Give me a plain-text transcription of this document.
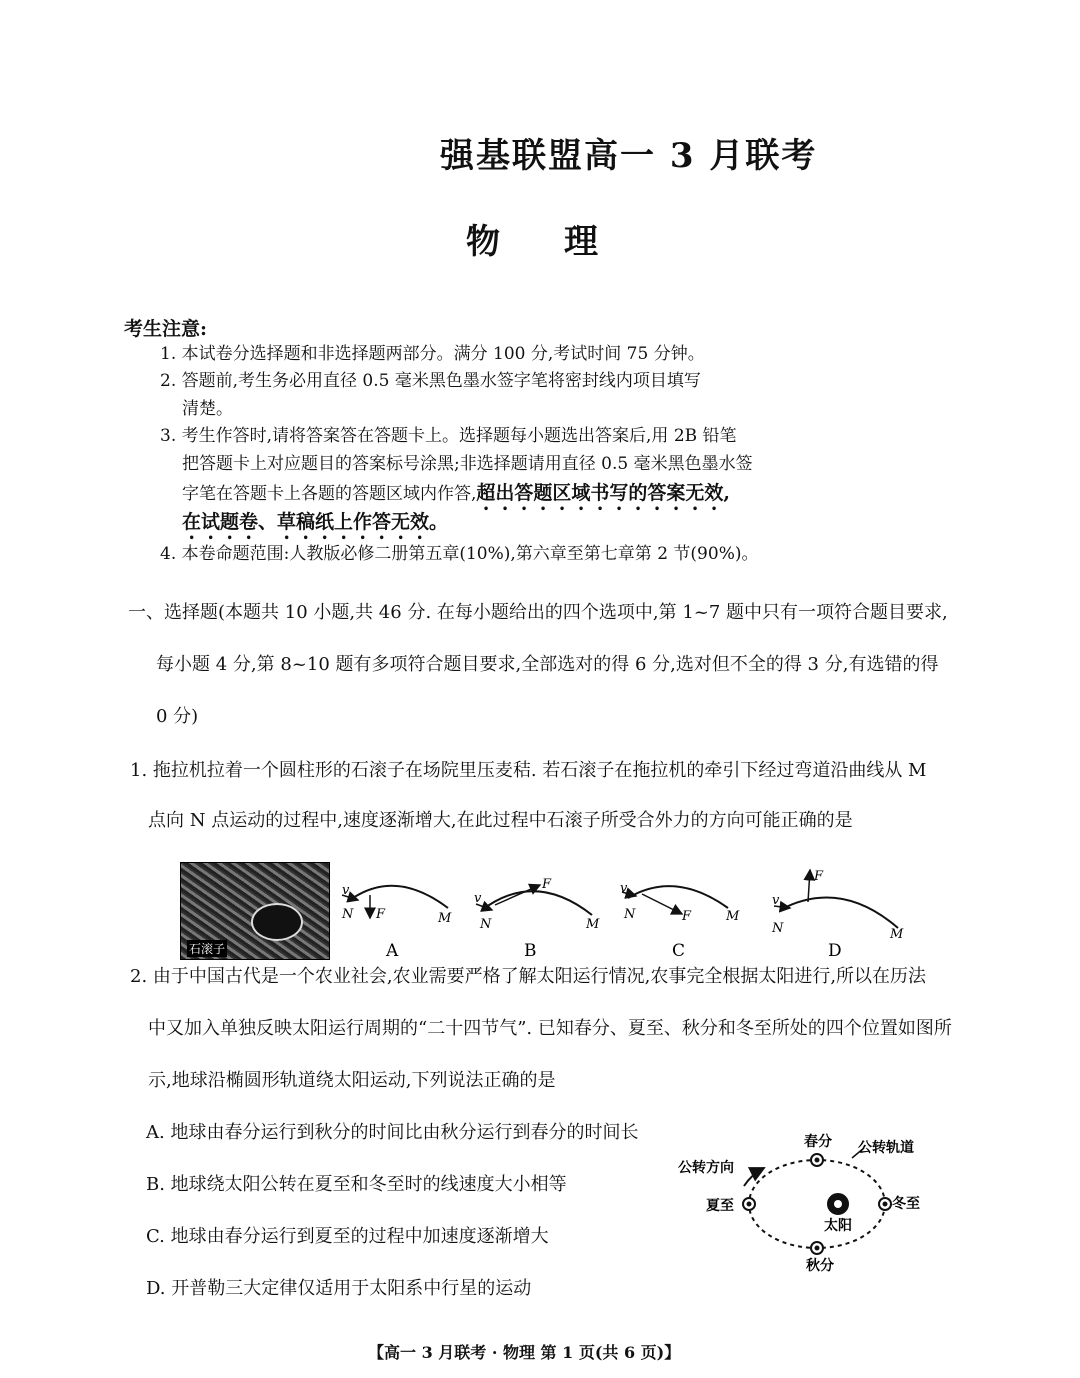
强基联盟高一 3 月联考
物 理
考生注意:
1. 本试卷分选择题和非选择题两部分。满分 100 分,考试时间 75 分钟。
2. 答题前,考生务必用直径 0.5 毫米黑色墨水签字笔将密封线内项目填写
清楚。
3. 考生作答时,请将答案答在答题卡上。选择题每小题选出答案后,用 2B 铅笔
把答题卡上对应题目的答案标号涂黑;非选择题请用直径 0.5 毫米黑色墨水签
字笔在答题卡上各题的答题区域内作答,超出答题区域书写的答案无效,
在试题卷、草稿纸上作答无效。
4. 本卷命题范围:人教版必修二册第五章(10%),第六章至第七章第 2 节(90%)。
一、选择题(本题共 10 小题,共 46 分. 在每小题给出的四个选项中,第 1~7 题中只有一项符合题目要求,
每小题 4 分,第 8~10 题有多项符合题目要求,全部选对的得 6 分,选对但不全的得 3 分,有选错的得
0 分)
1. 拖拉机拉着一个圆柱形的石滚子在场院里压麦秸. 若石滚子在拖拉机的牵引下经过弯道沿曲线从 M
点向 N 点运动的过程中,速度逐渐增大,在此过程中石滚子所受合外力的方向可能正确的是
石滚子
v
N F	M
A
v
N
F
M
B
v
N	F	M
C
v
N
F
M
D
2. 由于中国古代是一个农业社会,农业需要严格了解太阳运行情况,农事完全根据太阳进行,所以在历法
中又加入单独反映太阳运行周期的“二十四节气”. 已知春分、夏至、秋分和冬至所处的四个位置如图所
示,地球沿椭圆形轨道绕太阳运动,下列说法正确的是
A. 地球由春分运行到秋分的时间比由秋分运行到春分的时间长
B. 地球绕太阳公转在夏至和冬至时的线速度大小相等
C. 地球由春分运行到夏至的过程中加速度逐渐增大
D. 开普勒三大定律仅适用于太阳系中行星的运动
春分 公转轨道
公转方向
夏至	冬至
太阳
秋分
【高一 3 月联考 · 物理 第 1 页(共 6 页)】
